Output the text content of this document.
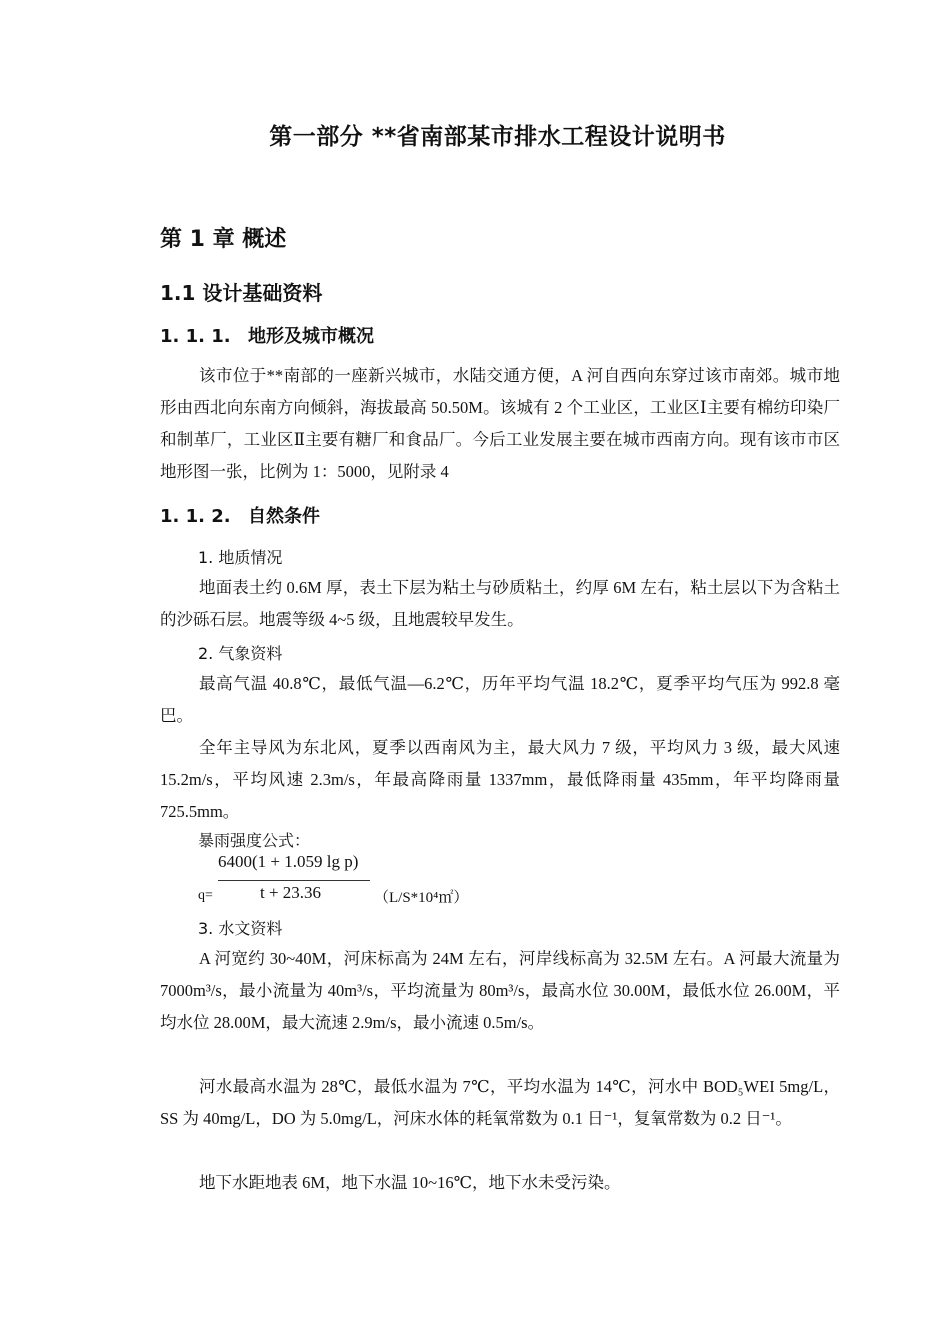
第一部分 **省南部某市排水工程设计说明书
第 1 章 概述
1.1 设计基础资料
1. 1. 1. 地形及城市概况
该市位于**南部的一座新兴城市，水陆交通方便，A 河自西向东穿过该市南郊。城市地形由西北向东南方向倾斜，海拔最高 50.50M。该城有 2 个工业区，工业区Ⅰ主要有棉纺印染厂和制革厂，工业区Ⅱ主要有糖厂和食品厂。今后工业发展主要在城市西南方向。现有该市市区地形图一张，比例为 1：5000，见附录 4
1. 1. 2. 自然条件
1. 地质情况
地面表土约 0.6M 厚，表土下层为粘土与砂质粘土，约厚 6M 左右，粘土层以下为含粘土的沙砾石层。地震等级 4~5 级，且地震较早发生。
2. 气象资料
最高气温 40.8℃，最低气温—6.2℃，历年平均气温 18.2℃，夏季平均气压为 992.8 毫巴。
全年主导风为东北风，夏季以西南风为主，最大风力 7 级，平均风力 3 级，最大风速 15.2m/s，平均风速 2.3m/s，年最高降雨量 1337mm，最低降雨量 435mm，年平均降雨量 725.5mm。
暴雨强度公式：
6400(1 + 1.059 lg p)
q=	t + 23.36	（L/S*10⁴㎡）
3. 水文资料
A 河宽约 30~40M，河床标高为 24M 左右，河岸线标高为 32.5M 左右。A 河最大流量为 7000m³/s，最小流量为 40m³/s，平均流量为 80m³/s，最高水位 30.00M，最低水位 26.00M，平均水位 28.00M，最大流速 2.9m/s，最小流速 0.5m/s。
河水最高水温为 28℃，最低水温为 7℃，平均水温为 14℃，河水中 BOD₅WEI 5mg/L，SS 为 40mg/L，DO 为 5.0mg/L，河床水体的耗氧常数为 0.1 日⁻¹，复氧常数为 0.2 日⁻¹。
地下水距地表 6M，地下水温 10~16℃，地下水未受污染。
